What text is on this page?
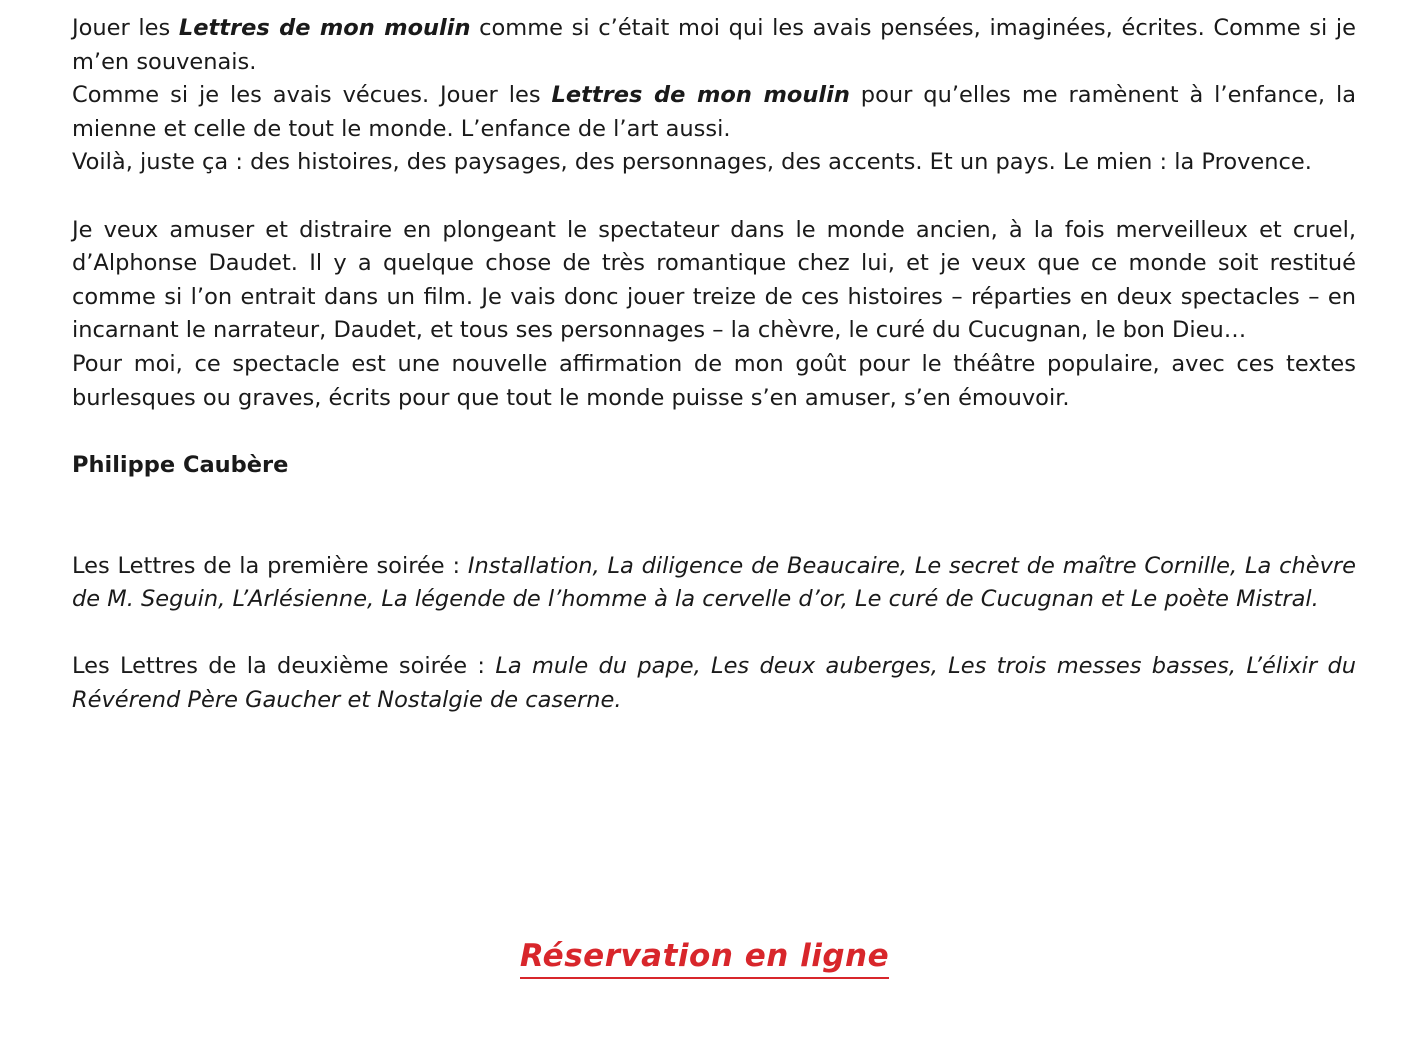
Jouer les Lettres de mon moulin comme si c’était moi qui les avais pensées, imaginées, écrites. Comme si je m’en souvenais.

Comme si je les avais vécues. Jouer les Lettres de mon moulin pour qu’elles me ramènent à l’enfance, la mienne et celle de tout le monde. L’enfance de l’art aussi.

Voilà, juste ça : des histoires, des paysages, des personnages, des accents. Et un pays. Le mien : la Provence.

Je veux amuser et distraire en plongeant le spectateur dans le monde ancien, à la fois merveilleux et cruel, d’Alphonse Daudet. Il y a quelque chose de très romantique chez lui, et je veux que ce monde soit restitué comme si l’on entrait dans un film. Je vais donc jouer treize de ces histoires – réparties en deux spectacles – en incarnant le narrateur, Daudet, et tous ses personnages – la chèvre, le curé du Cucugnan, le bon Dieu…

Pour moi, ce spectacle est une nouvelle affirmation de mon goût pour le théâtre populaire, avec ces textes burlesques ou graves, écrits pour que tout le monde puisse s’en amuser, s’en émouvoir.

Philippe Caubère

Les Lettres de la première soirée : Installation, La diligence de Beaucaire, Le secret de maître Cornille, La chèvre de M. Seguin, L’Arlésienne, La légende de l’homme à la cervelle d’or, Le curé de Cucugnan et Le poète Mistral.

Les Lettres de la deuxième soirée : La mule du pape, Les deux auberges, Les trois messes basses, L’élixir du Révérend Père Gaucher et Nostalgie de caserne.

Réservation en ligne
